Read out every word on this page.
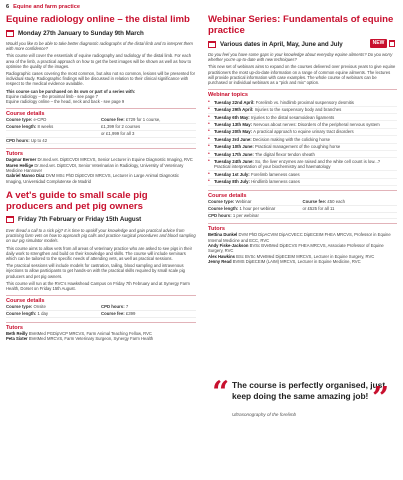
6 Equine and farm practice
Equine radiology online – the distal limb
Monday 27th January to Sunday 9th March
Would you like to be able to take better diagnostic radiographs of the distal limb and to interpret them with more confidence?

This course will cover the essentials of equine radiography and radiology of the distal limb. For each area of the limb, a practical approach on how to get the best images will be shown as well as how to optimise the quality of the images.

Radiographic cases covering the most common, but also not so common, lesions will be presented for individual study. Radiographic findings will be discussed in relation to their clinical significance with respect to the medical evidence available.

This course can be purchased on its own or part of a series with:

Equine radiology – the proximal limb - see page 7

Equine radiology online – the head, neck and back - see page 9

Course details
Course type: e-CPD	Course fee: £729 for 1 course,
Course length: 8 weeks	£1,399 for 2 courses
or £1,999 for all 3
CPD hours: Up to 42
Tutors
Dagmar Berner Dr.med.vet. DipECVDI MRCVS, Senior Lecturer in Equine Diagnostic Imaging, RVC
Maren Hellige Dr.med.vet. DipECVDI, Senior Veterinarian in Radiology, University of Veterinary Medicine Hannover
Gabriel Manso Díaz DVM MSc PhD DipECVDI MRCVS, Lecturer in Large Animal Diagnostic Imaging, Universidad Complutense de Madrid
A vet's guide to small scale pig producers and pet pig owners
Friday 7th February or Friday 15th August
Ever dread a call to a sick pig? It is time to upskill your knowledge and gain practical advice from practising farm vets on how to approach pig calls and practice surgical procedures and blood sampling on our pig simulator models.

This course aims to allow vets from all areas of veterinary practice who are asked to see pigs in their daily work to strengthen and build on their knowledge and skills. The course will include seminars which can be tailored to the specific needs of attending vets, as well as practical sessions.

The practical sessions will include models for castration, tailing, blood sampling and intravenous injections to allow participants to get hands-on with the practical skills required by small scale pig producers and pet pig owners.

This course will run at the RVC's Hawkshead Campus on Friday 7th February and at Synergy Farm Health, Dorset on Friday 15th August.

Course details
Course type: Onsite	CPD hours: 7
Course length: 1 day	Course fee: £399
Tutors
Beth Reilly BVetMed PGDipVCP MRCVS, Farm Animal Teaching Fellow, RVC
Peta Sixter BVetMed MRCVS, Farm Veterinary Surgeon, Synergy Farm Health
Webinar Series: Fundamentals of equine practice
Various dates in April, May, June and July	NEW
Do you feel you have some gaps in your knowledge about everyday equine ailments? Do you worry whether you're up-to-date with new techniques?

This new set of webinars aims to expand on the courses delivered over previous years to give equine practitioners the most up-do-date information on a range of common equine ailments. The lectures will provide practical information with case examples. The whole course of webinars can be purchased or individual webinars as a "pick and mix" option.

Webinar topics
• Tuesday 22nd April: Forelimb vs. hindlimb proximal suspensory desmitis
• Tuesday 29th April: Injuries to the suspensory body and branches
• Tuesday 6th May: Injuries to the distal sesamoidean ligaments
• Tuesday 13th May: Nervous about nerves: Disorders of the peripheral nervous system
• Tuesday 20th May: A practical approach to equine urinary tract disorders
• Tuesday 3rd June: Decision making with the colicking horse
• Tuesday 10th June: Practical management of the coughing horse
• Tuesday 17th June: The digital flexor tendon sheath
• Tuesday 24th June: So, the liver enzymes are raised and the white cell count is low...? Practical interpretation of your biochemistry and haematology
• Tuesday 1st July: Forelimb lameness cases
• Tuesday 8th July: Hindlimb lameness cases
Course details
Course type: Webinar	Course fee: £50 each
Course length: 1 hour per webinar	or £525 for all 11
CPD hours: 1 per webinar
Tutors
Bettina Dunkel DVM PhD DipACVIM DipACVECC DipECEIM FHEA MRCVS, Professor in Equine Internal Medicine and ECC, RVC
Andy Fiske-Jackson BVSc BVetMed DipECVS FHEA MRCVS, Associate Professor of Equine Surgery, RVC
Alex Hawkins BSc BVSc MVetMed DipECEIM MRCVS, Lecturer in Equine Surgery, RVC
Jenny Read BVMS DipECEIM (LAIM) MRCVS, Lecturer in Equine Medicine, RVC
“ The course is perfectly organised, just keep doing the same amazing job! ”
Ultrasonography of the forelimb
